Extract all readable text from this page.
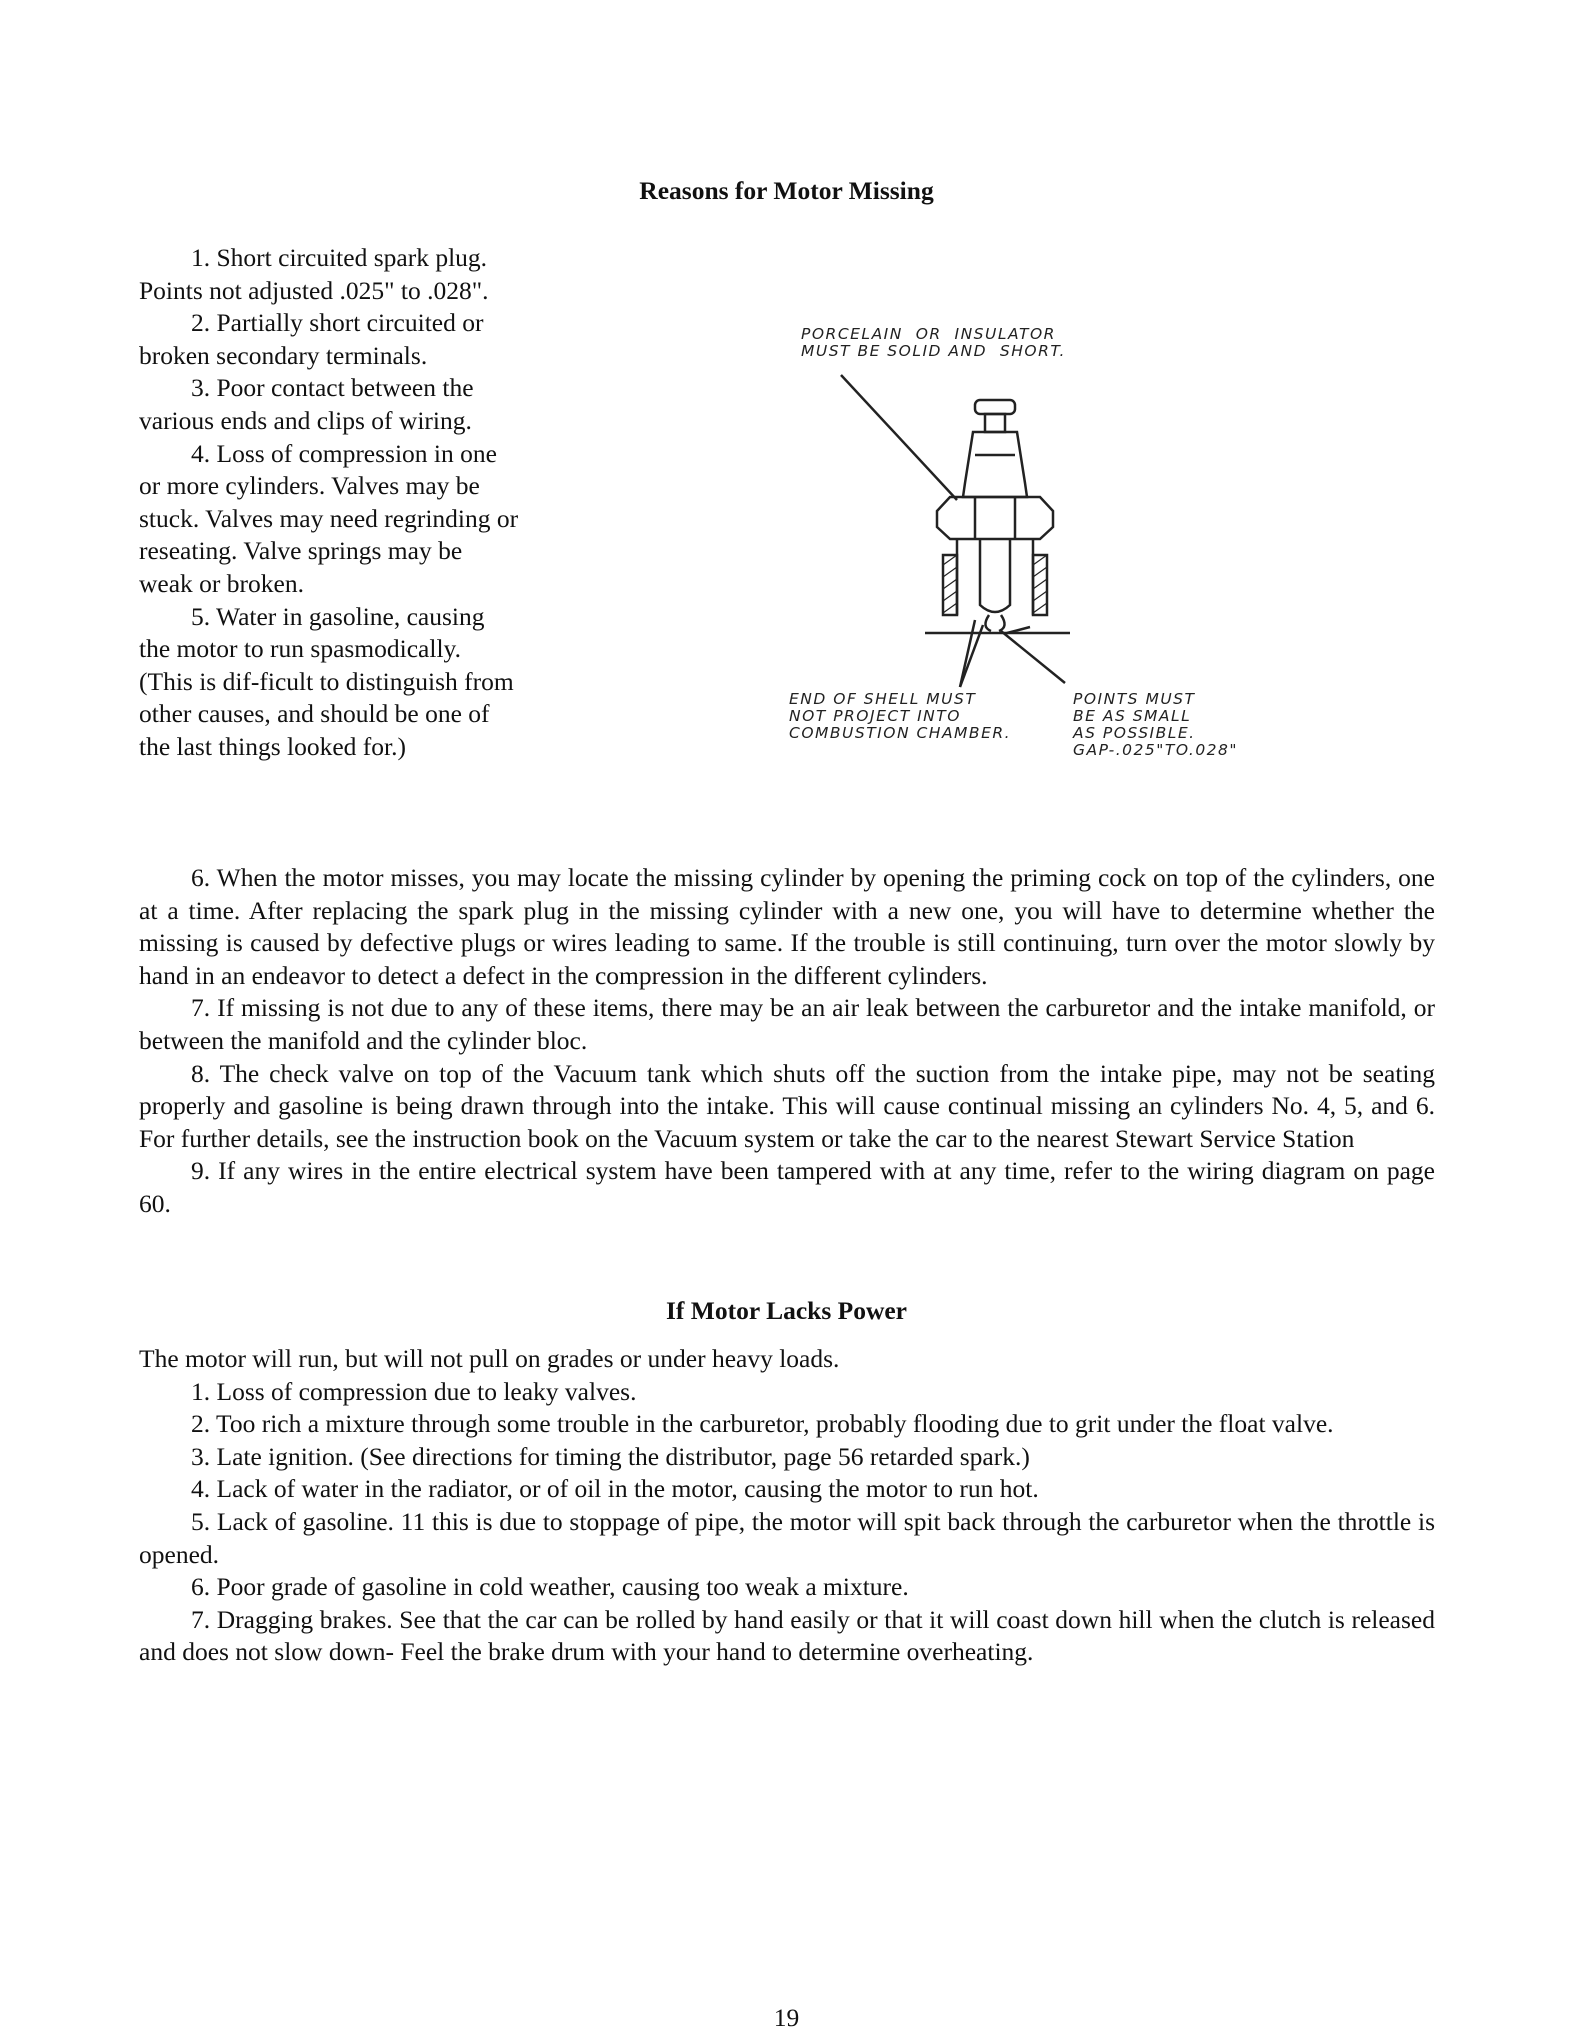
Reasons for Motor Missing

1. Short circuited spark plug. Points not adjusted .025" to .028".

2. Partially short circuited or broken secondary terminals.

3. Poor contact between the various ends and clips of wiring.

4. Loss of compression in one or more cylinders. Valves may be stuck. Valves may need regrinding or reseating. Valve springs may be weak or broken.

5. Water in gasoline, causing the motor to run spasmodically. (This is dif-ficult to distinguish from other causes, and should be one of the last things looked for.)

PORCELAIN  OR  INSULATOR
MUST BE SOLID AND  SHORT.
END OF SHELL MUST
NOT PROJECT INTO
COMBUSTION CHAMBER.
POINTS MUST
BE AS SMALL
AS POSSIBLE.
GAP-.025"TO.028"

6. When the motor misses, you may locate the missing cylinder by opening the priming cock on top of the cylinders, one at a time. After replacing the spark plug in the missing cylinder with a new one, you will have to determine whether the missing is caused by defective plugs or wires leading to same. If the trouble is still continuing, turn over the motor slowly by hand in an endeavor to detect a defect in the compression in the different cylinders.

7. If missing is not due to any of these items, there may be an air leak between the carburetor and the intake manifold, or between the manifold and the cylinder bloc.

8. The check valve on top of the Vacuum tank which shuts off the suction from the intake pipe, may not be seating properly and gasoline is being drawn through into the intake. This will cause continual missing an cylinders No. 4, 5, and 6. For further details, see the instruction book on the Vacuum system or take the car to the nearest Stewart Service Station

9. If any wires in the entire electrical system have been tampered with at any time, refer to the wiring diagram on page 60.

If Motor Lacks Power

The motor will run, but will not pull on grades or under heavy loads.

1. Loss of compression due to leaky valves.

2. Too rich a mixture through some trouble in the carburetor, probably flooding due to grit under the float valve.

3. Late ignition. (See directions for timing the distributor, page 56 retarded spark.)

4. Lack of water in the radiator, or of oil in the motor, causing the motor to run hot.

5. Lack of gasoline. 11 this is due to stoppage of pipe, the motor will spit back through the carburetor when the throttle is opened.

6. Poor grade of gasoline in cold weather, causing too weak a mixture.

7. Dragging brakes. See that the car can be rolled by hand easily or that it will coast down hill when the clutch is released and does not slow down- Feel the brake drum with your hand to determine overheating.

19
